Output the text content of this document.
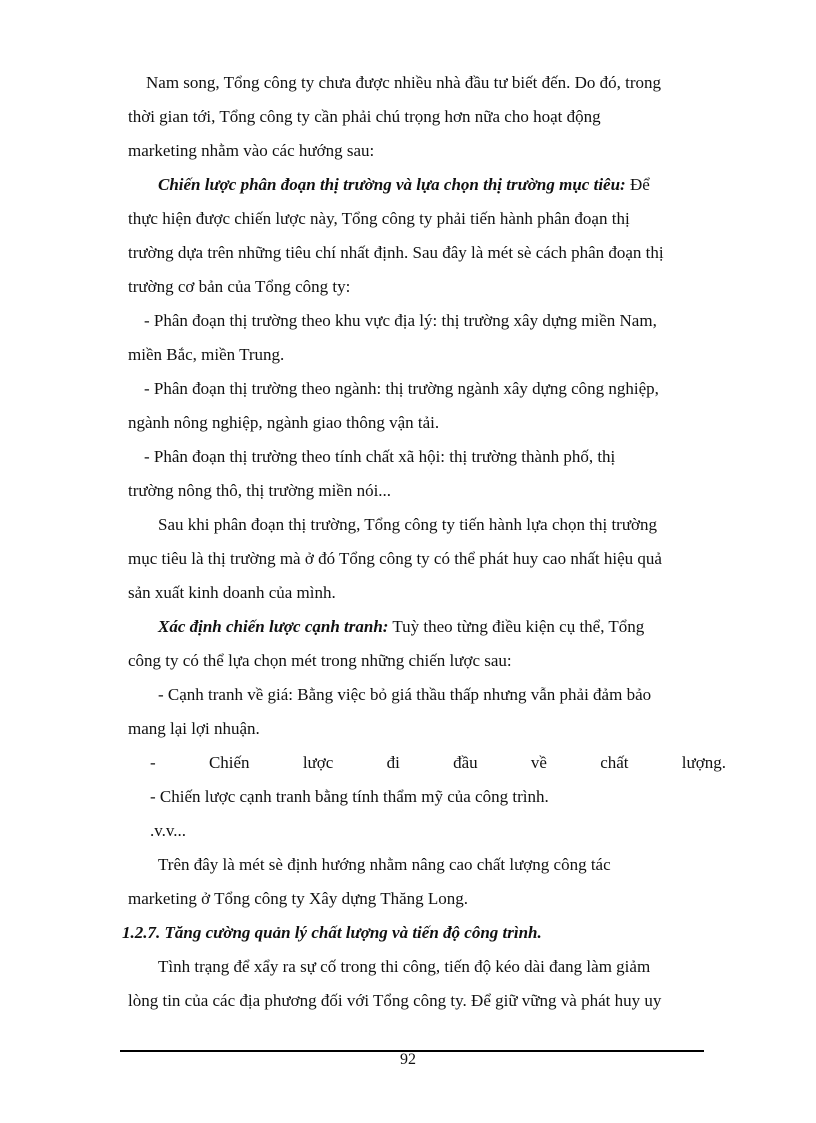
Nam song, Tổng công ty chưa được nhiều nhà đầu tư biết đến. Do đó, trong
thời gian tới, Tổng công ty cần phải chú trọng hơn nữa cho hoạt động
marketing nhằm vào các hướng sau:
Chiến lược phân đoạn thị trường và lựa chọn thị trường mục tiêu: Để
thực hiện được chiến lược này, Tổng công ty phải tiến hành phân đoạn thị
trường dựa trên những tiêu chí nhất định. Sau đây là mét sè cách phân đoạn thị
trường cơ bản của Tổng công ty:
- Phân đoạn thị trường theo khu vực địa lý: thị trường xây dựng miền Nam,
miền Bắc, miền Trung.
- Phân đoạn thị trường theo ngành: thị trường ngành xây dựng công nghiệp,
ngành nông nghiệp, ngành giao thông vận tải.
- Phân đoạn thị trường theo tính chất xã hội: thị trường thành phố, thị
trường nông thô, thị trường miền nói...
Sau khi phân đoạn thị trường, Tổng công ty tiến hành lựa chọn thị trường
mục tiêu là thị trường mà ở đó Tổng công ty có thể phát huy cao nhất hiệu quả
sản xuất kinh doanh của mình.
Xác định chiến lược cạnh tranh: Tuỳ theo từng điều kiện cụ thể, Tổng
công ty có thể lựa chọn mét trong những chiến lược sau:
- Cạnh tranh về giá: Bằng việc bỏ giá thầu thấp nhưng vẫn phải đảm bảo
mang lại lợi nhuận.
-	Chiến	lược	đi	đầu	về	chất	lượng.
- Chiến lược cạnh tranh bằng tính thẩm mỹ của công trình.
.v.v...
Trên đây là mét sè định hướng nhằm nâng cao chất lượng công tác
marketing ở Tổng công ty Xây dựng Thăng Long.
1.2.7. Tăng cường quản lý chất lượng và tiến độ công trình.
Tình trạng để xẩy ra sự cố trong thi công, tiến độ kéo dài đang làm giảm
lòng tin của các địa phương đối với Tổng công ty. Để giữ vững và phát huy uy
92
